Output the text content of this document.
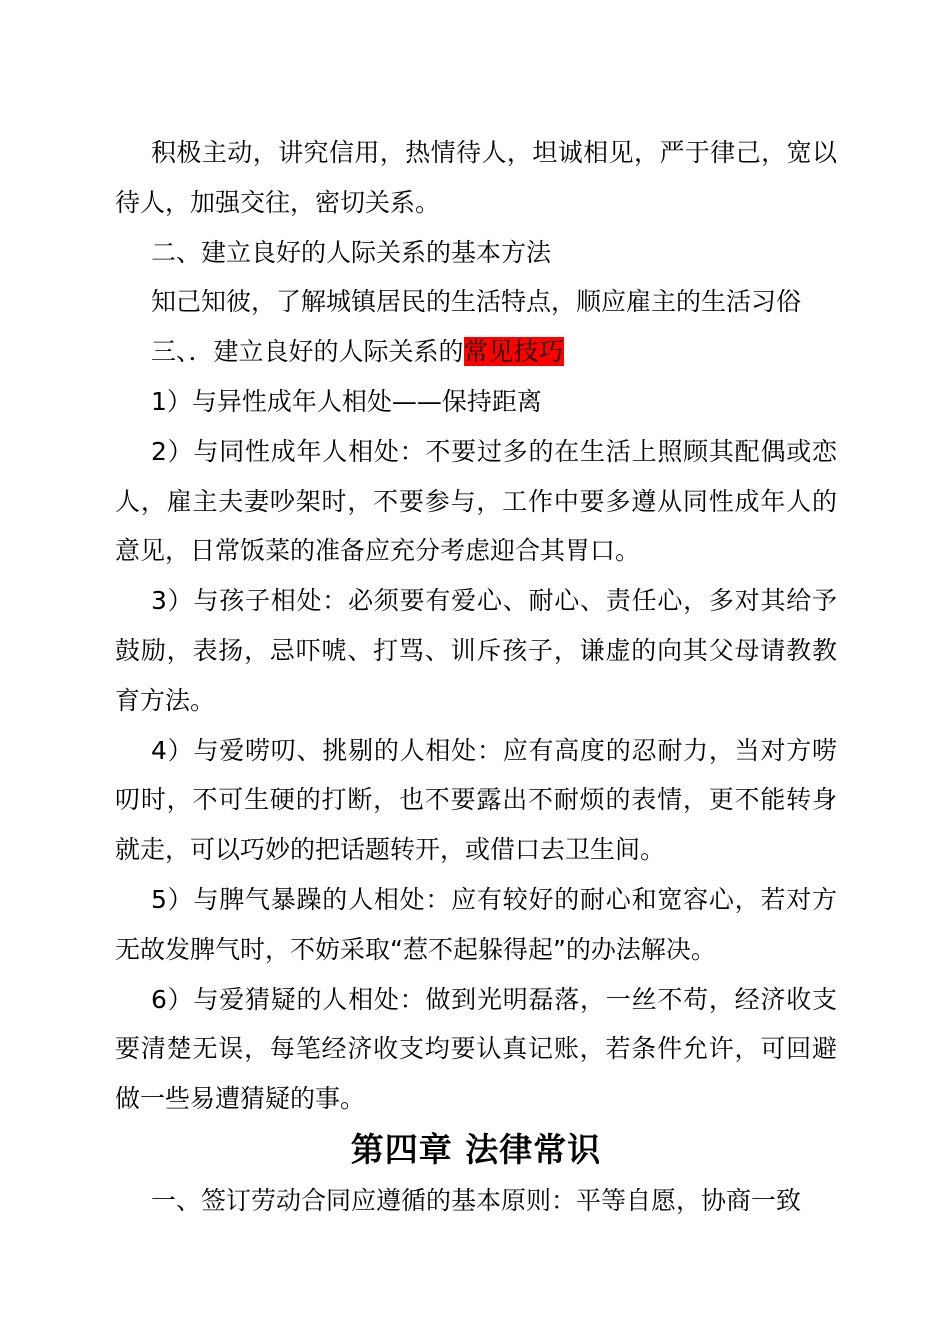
积极主动，讲究信用，热情待人，坦诚相见，严于律己，宽以待人，加强交往，密切关系。

二、建立良好的人际关系的基本方法

知己知彼，了解城镇居民的生活特点，顺应雇主的生活习俗

三、．建立良好的人际关系的常见技巧

1）与异性成年人相处——保持距离

2）与同性成年人相处：不要过多的在生活上照顾其配偶或恋人，雇主夫妻吵架时，不要参与，工作中要多遵从同性成年人的意见，日常饭菜的准备应充分考虑迎合其胃口。

3）与孩子相处：必须要有爱心、耐心、责任心，多对其给予鼓励，表扬，忌吓唬、打骂、训斥孩子，谦虚的向其父母请教教育方法。

4）与爱唠叨、挑剔的人相处：应有高度的忍耐力，当对方唠叨时，不可生硬的打断，也不要露出不耐烦的表情，更不能转身就走，可以巧妙的把话题转开，或借口去卫生间。

5）与脾气暴躁的人相处：应有较好的耐心和宽容心，若对方无故发脾气时，不妨采取“惹不起躲得起”的办法解决。

6）与爱猜疑的人相处：做到光明磊落，一丝不苟，经济收支要清楚无误，每笔经济收支均要认真记账，若条件允许，可回避做一些易遭猜疑的事。

第四章 法律常识

一、签订劳动合同应遵循的基本原则：平等自愿，协商一致
